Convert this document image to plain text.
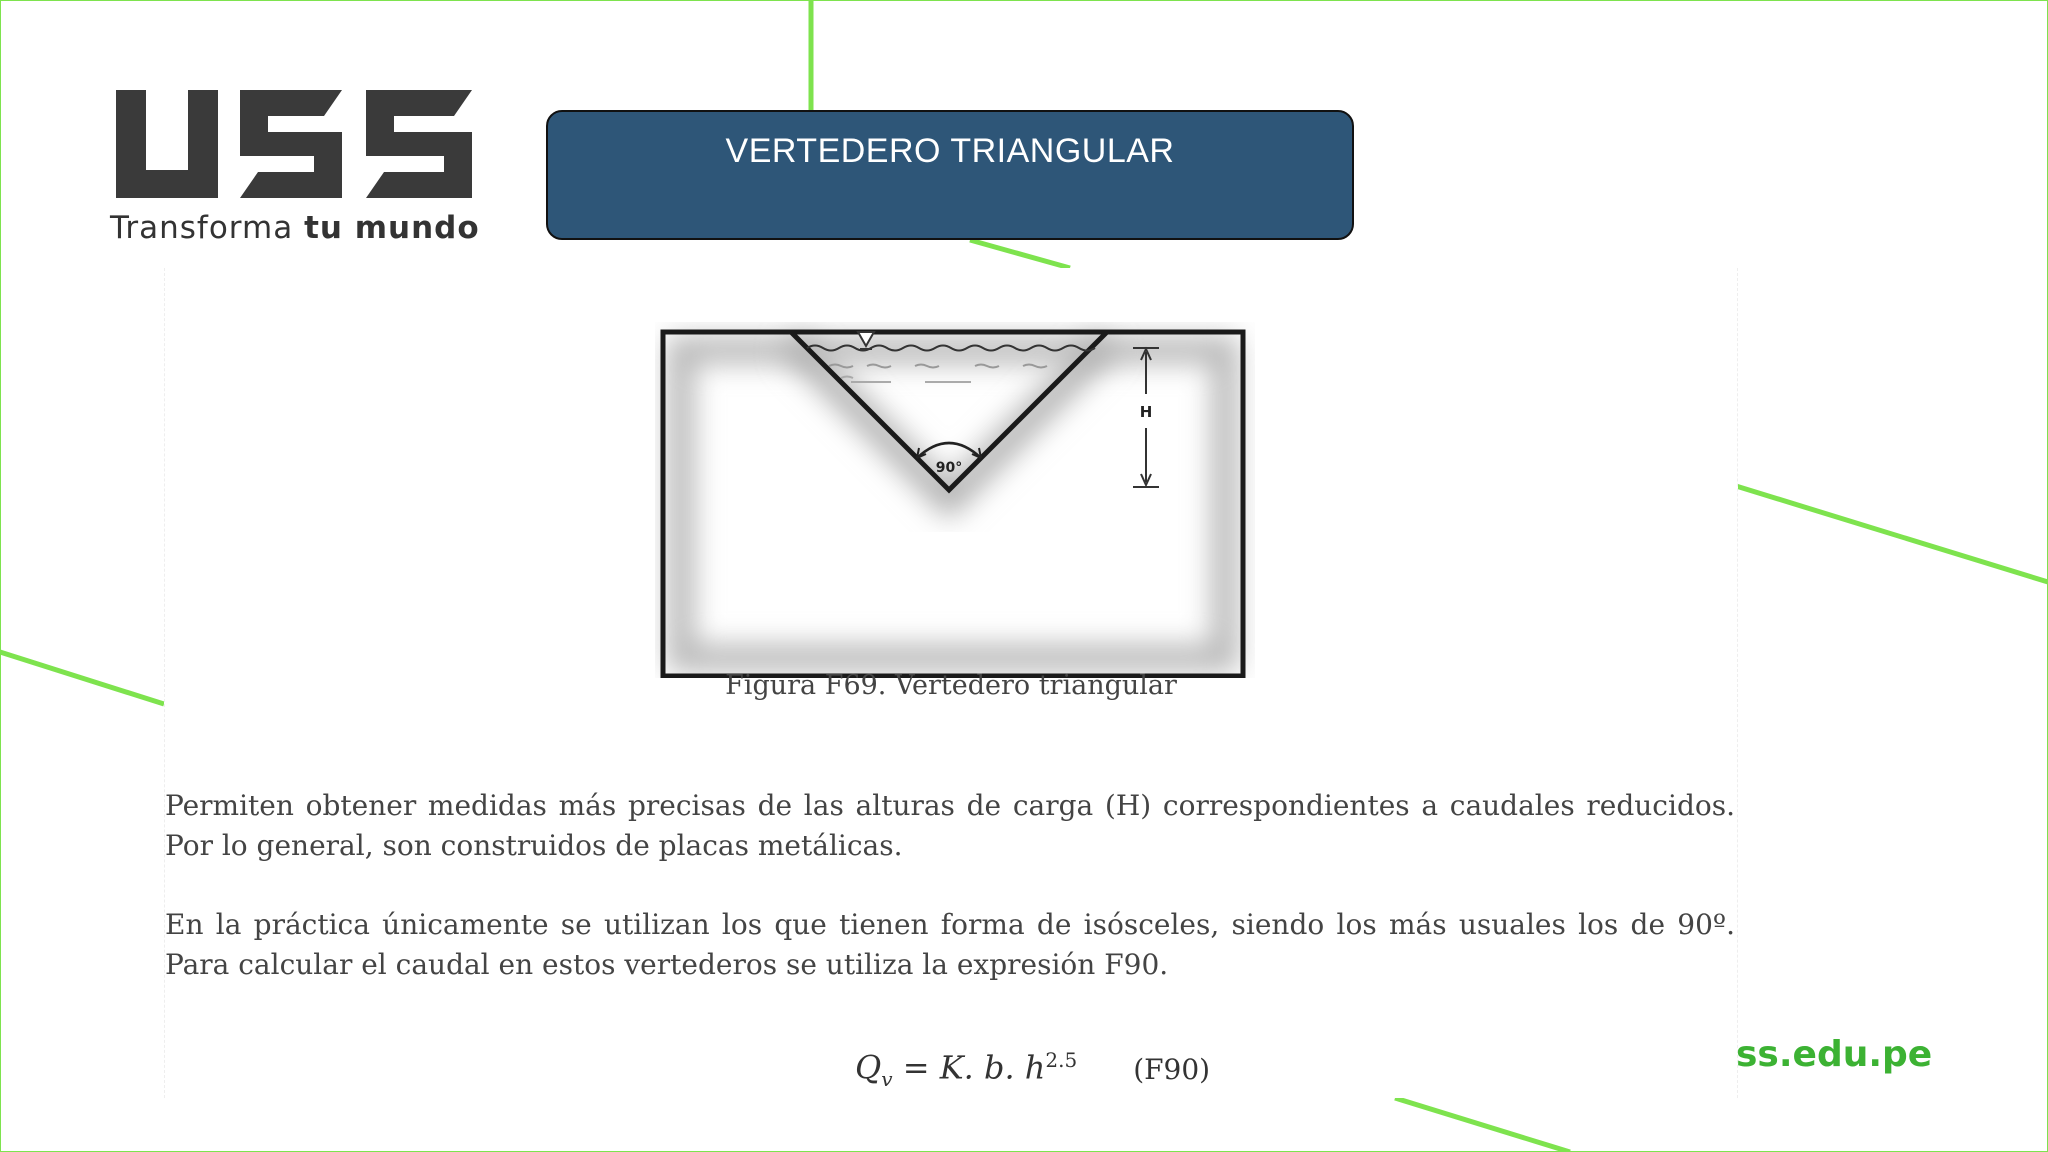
Transforma tu mundo
VERTEDERO TRIANGULAR
90°
H
Figura F69. Vertedero triangular
Permiten obtener medidas más precisas de las alturas de carga (H) correspondientes a caudales reducidos. Por lo general, son construidos de placas metálicas.
En la práctica únicamente se utilizan los que tienen forma de isósceles, siendo los más usuales los de 90º. Para calcular el caudal en estos vertederos se utiliza la expresión F90.
$Q_v = K$. b. $h^{2.5}$ (F90)	ss.edu.pe
